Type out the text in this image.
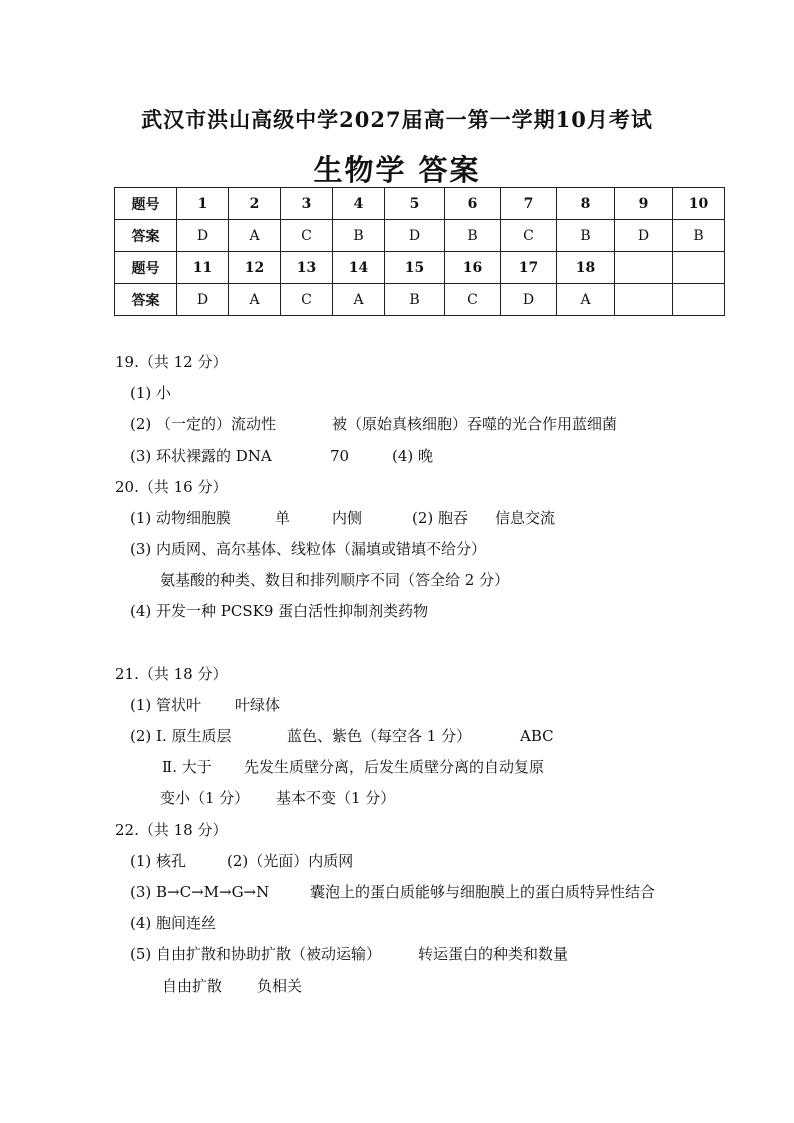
武汉市洪山高级中学2027届高一第一学期10月考试
生物学 答案
题号	1	2	3	4	5	6	7	8	9	10
答案	D	A	C	B	D	B	C	B	D	B
题号	11	12	13	14	15	16	17	18		
答案	D	A	C	A	B	C	D	A		
19.（共 12 分）
(1) 小
(2) （一定的）流动性	被（原始真核细胞）吞噬的光合作用蓝细菌
(3) 环状裸露的 DNA	70	(4) 晚
20.（共 16 分）
(1) 动物细胞膜	单	内侧	(2) 胞吞 信息交流
(3) 内质网、高尔基体、线粒体（漏填或错填不给分）
氨基酸的种类、数目和排列顺序不同（答全给 2 分）
(4) 开发一种 PCSK9 蛋白活性抑制剂类药物
21.（共 18 分）
(1) 管状叶 叶绿体
(2) Ⅰ. 原生质层	蓝色、紫色（每空各 1 分）	ABC
Ⅱ. 大于 先发生质壁分离，后发生质壁分离的自动复原
变小（1 分） 基本不变（1 分）
22.（共 18 分）
(1) 核孔	(2)（光面）内质网
(3) B→C→M→G→N	囊泡上的蛋白质能够与细胞膜上的蛋白质特异性结合
(4) 胞间连丝
(5) 自由扩散和协助扩散（被动运输） 转运蛋白的种类和数量
自由扩散 负相关
